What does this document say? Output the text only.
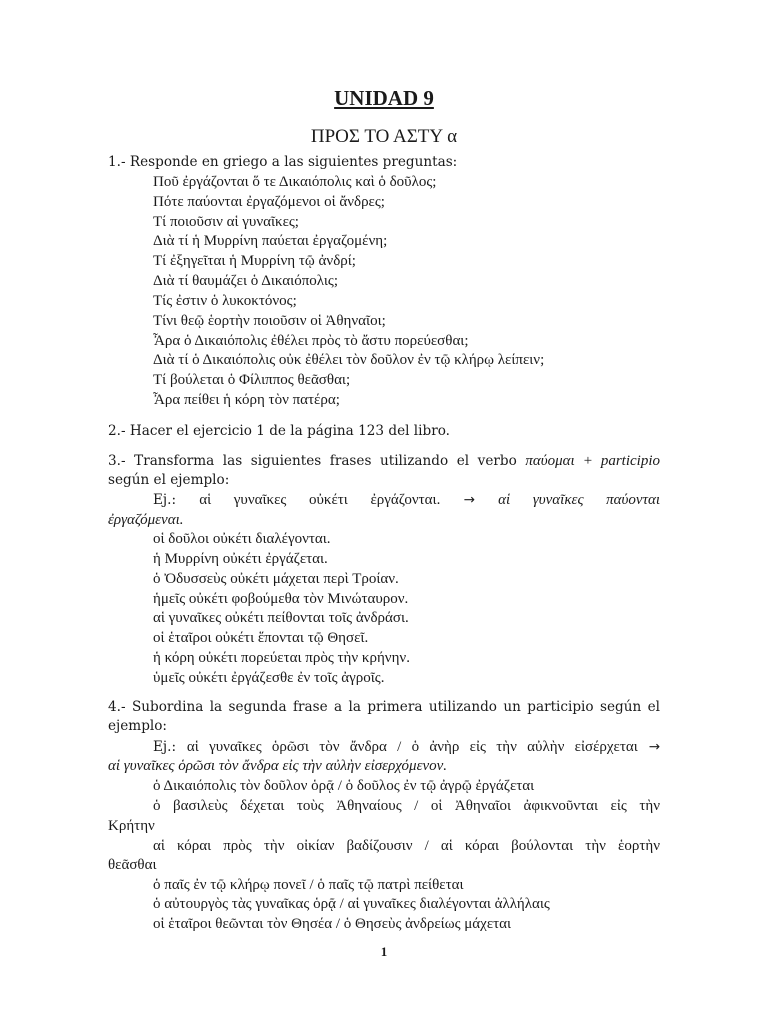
UNIDAD 9
ΠΡΟΣ ΤΟ ΑΣΤΥ α
1.- Responde en griego a las siguientes preguntas:
Ποῦ ἐργάζονται ὅ τε Δικαιόπολις καὶ ὁ δοῦλος;
Πότε παύονται ἐργαζόμενοι οἱ ἄνδρες;
Τί ποιοῦσιν αἱ γυναῖκες;
Διὰ τί ἡ Μυρρίνη παύεται ἐργαζομένη;
Τί ἐξηγεῖται ἡ Μυρρίνη τῷ ἀνδρί;
Διὰ τί θαυμάζει ὁ Δικαιόπολις;
Τίς ἐστιν ὁ λυκοκτόνος;
Τίνι θεῷ ἑορτὴν ποιοῦσιν οἱ Ἀθηναῖοι;
Ἆρα ὁ Δικαιόπολις ἐθέλει πρὸς τὸ ἄστυ πορεύεσθαι;
Διὰ τί ὁ Δικαιόπολις οὐκ ἐθέλει τὸν δοῦλον ἐν τῷ κλήρῳ λείπειν;
Τί βούλεται ὁ Φίλιππος θεᾶσθαι;
Ἆρα πείθει ἡ κόρη τὸν πατέρα;
2.- Hacer el ejercicio 1 de la página 123 del libro.
3.- Transforma las siguientes frases utilizando el verbo παύομαι + participio
según el ejemplo:
Ej.: αἱ γυναῖκες οὐκέτι ἐργάζονται. → αἱ γυναῖκες παύονται
ἐργαζόμεναι.
οἱ δοῦλοι οὐκέτι διαλέγονται.
ἡ Μυρρίνη οὐκέτι ἐργάζεται.
ὁ Ὀδυσσεὺς οὐκέτι μάχεται περὶ Τροίαν.
ἡμεῖς οὐκέτι φοβούμεθα τὸν Μινώταυρον.
αἱ γυναῖκες οὐκέτι πείθονται τοῖς ἀνδράσι.
οἱ ἑταῖροι οὐκέτι ἕπονται τῷ Θησεῖ.
ἡ κόρη οὐκέτι πορεύεται πρὸς τὴν κρήνην.
ὑμεῖς οὐκέτι ἐργάζεσθε ἐν τοῖς ἀγροῖς.
4.- Subordina la segunda frase a la primera utilizando un participio según el
ejemplo:
Ej.: αἱ γυναῖκες ὁρῶσι τὸν ἄνδρα / ὁ ἀνὴρ εἰς τὴν αὐλὴν εἰσέρχεται →
αἱ γυναῖκες ὁρῶσι τὸν ἄνδρα εἰς τὴν αὐλὴν εἰσερχόμενον.
ὁ Δικαιόπολις τὸν δοῦλον ὁρᾷ / ὁ δοῦλος ἐν τῷ ἀγρῷ ἐργάζεται
ὁ βασιλεὺς δέχεται τοὺς Ἀθηναίους / οἱ Ἀθηναῖοι ἀφικνοῦνται εἰς τὴν
Κρήτην
αἱ κόραι πρὸς τὴν οἰκίαν βαδίζουσιν / αἱ κόραι βούλονται τὴν ἑορτὴν
θεᾶσθαι
ὁ παῖς ἐν τῷ κλήρῳ πονεῖ / ὁ παῖς τῷ πατρὶ πείθεται
ὁ αὐτουργὸς τὰς γυναῖκας ὁρᾷ / αἱ γυναῖκες διαλέγονται ἀλλήλαις
οἱ ἑταῖροι θεῶνται τὸν Θησέα / ὁ Θησεὺς ἀνδρείως μάχεται
1
